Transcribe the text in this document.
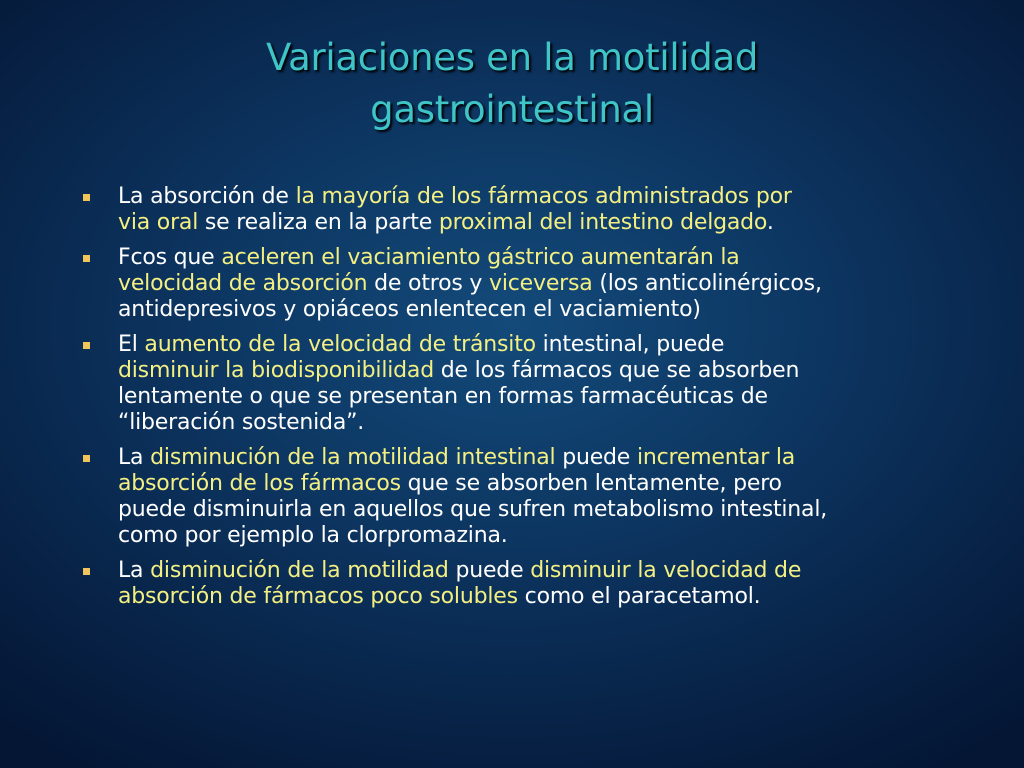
Variaciones en la motilidad
gastrointestinal
La absorción de la mayoría de los fármacos administrados por
via oral se realiza en la parte proximal del intestino delgado.
Fcos que aceleren el vaciamiento gástrico aumentarán la
velocidad de absorción de otros y viceversa (los anticolinérgicos,
antidepresivos y opiáceos enlentecen el vaciamiento)
El aumento de la velocidad de tránsito intestinal, puede
disminuir la biodisponibilidad de los fármacos que se absorben
lentamente o que se presentan en formas farmacéuticas de
“liberación sostenida”.
La disminución de la motilidad intestinal puede incrementar la
absorción de los fármacos que se absorben lentamente, pero
puede disminuirla en aquellos que sufren metabolismo intestinal,
como por ejemplo la clorpromazina.
La disminución de la motilidad puede disminuir la velocidad de
absorción de fármacos poco solubles como el paracetamol.
